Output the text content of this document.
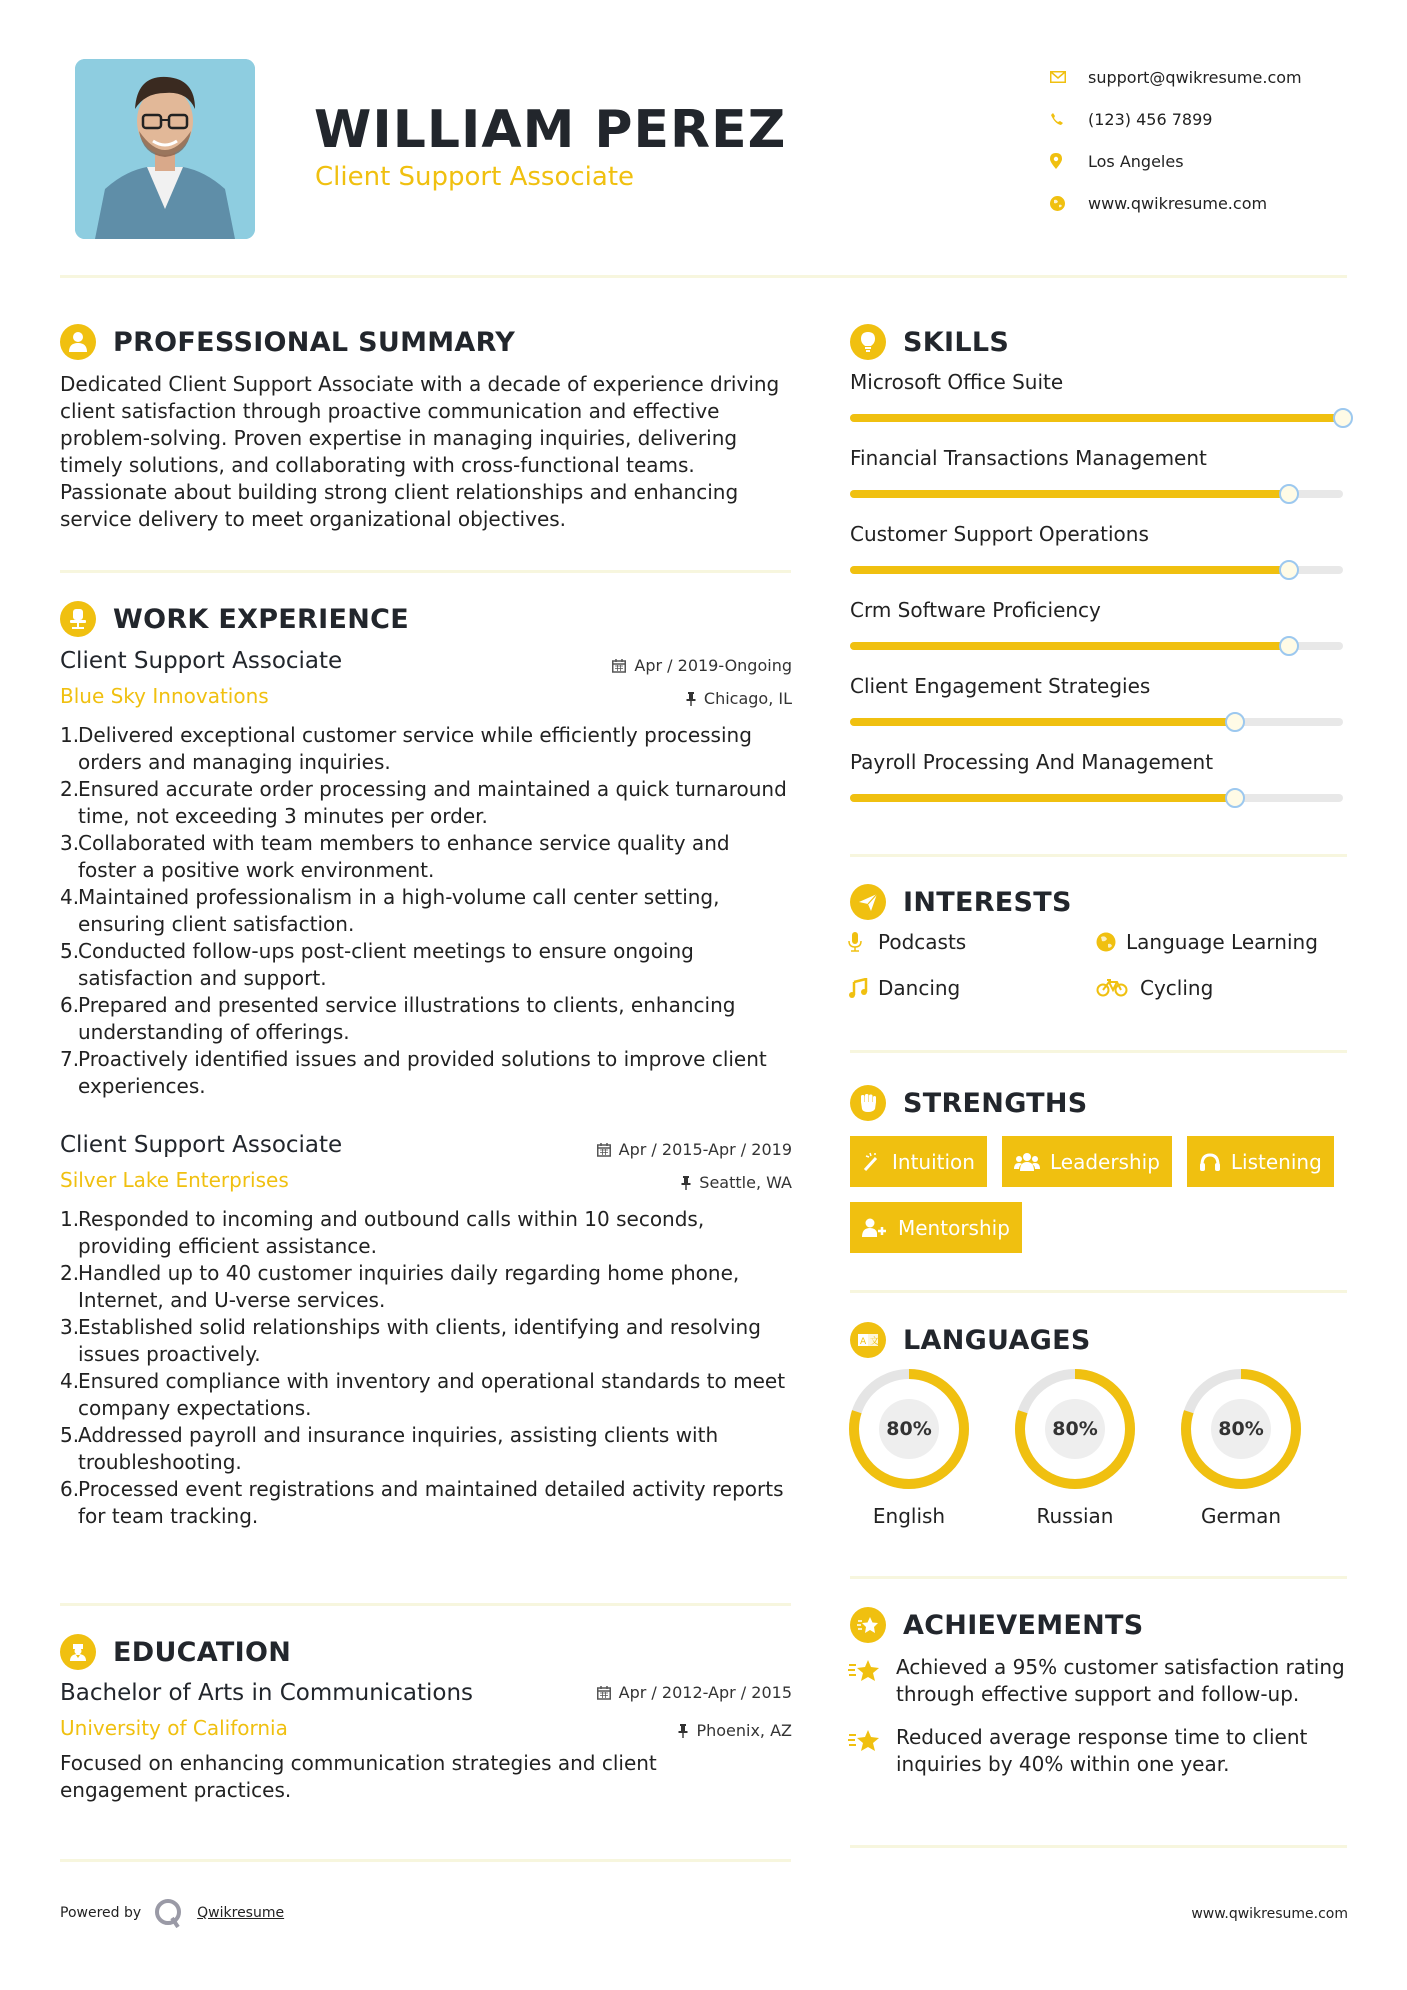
WILLIAM PEREZ
Client Support Associate
support@qwikresume.com
(123) 456 7899
Los Angeles
www.qwikresume.com
PROFESSIONAL SUMMARY

Dedicated Client Support Associate with a decade of experience driving client satisfaction through proactive communication and effective problem-solving. Proven expertise in managing inquiries, delivering timely solutions, and collaborating with cross-functional teams. Passionate about building strong client relationships and enhancing service delivery to meet organizational objectives.

WORK EXPERIENCE
Client Support Associate	Apr / 2019-Ongoing
Blue Sky Innovations	Chicago, IL
1.
Delivered exceptional customer service while efficiently processing orders and managing inquiries.
2.
Ensured accurate order processing and maintained a quick turnaround time, not exceeding 3 minutes per order.
3.
Collaborated with team members to enhance service quality and foster a positive work environment.
4.
Maintained professionalism in a high-volume call center setting, ensuring client satisfaction.
5.
Conducted follow-ups post-client meetings to ensure ongoing satisfaction and support.
6.
Prepared and presented service illustrations to clients, enhancing understanding of offerings.
7.
Proactively identified issues and provided solutions to improve client experiences.
Client Support Associate	Apr / 2015-Apr / 2019
Silver Lake Enterprises	Seattle, WA
1.
Responded to incoming and outbound calls within 10 seconds, providing efficient assistance.
2.
Handled up to 40 customer inquiries daily regarding home phone, Internet, and U-verse services.
3.
Established solid relationships with clients, identifying and resolving issues proactively.
4.
Ensured compliance with inventory and operational standards to meet company expectations.
5.
Addressed payroll and insurance inquiries, assisting clients with troubleshooting.
6.
Processed event registrations and maintained detailed activity reports for team tracking.
EDUCATION
Bachelor of Arts in Communications	Apr / 2012-Apr / 2015
University of California	Phoenix, AZ

Focused on enhancing communication strategies and client engagement practices.

SKILLS
Microsoft Office Suite
Financial Transactions Management
Customer Support Operations
Crm Software Proficiency
Client Engagement Strategies
Payroll Processing And Management
INTERESTS
Podcasts	Language Learning
Dancing	Cycling
STRENGTHS
Intuition	Leadership	Listening
Mentorship
A 文 LANGUAGES
80%
English
80%
Russian
80%
German
ACHIEVEMENTS
Achieved a 95% customer satisfaction rating through effective support and follow-up.
Reduced average response time to client inquiries by 40% within one year.
Powered by	Qwikresume	www.qwikresume.com
